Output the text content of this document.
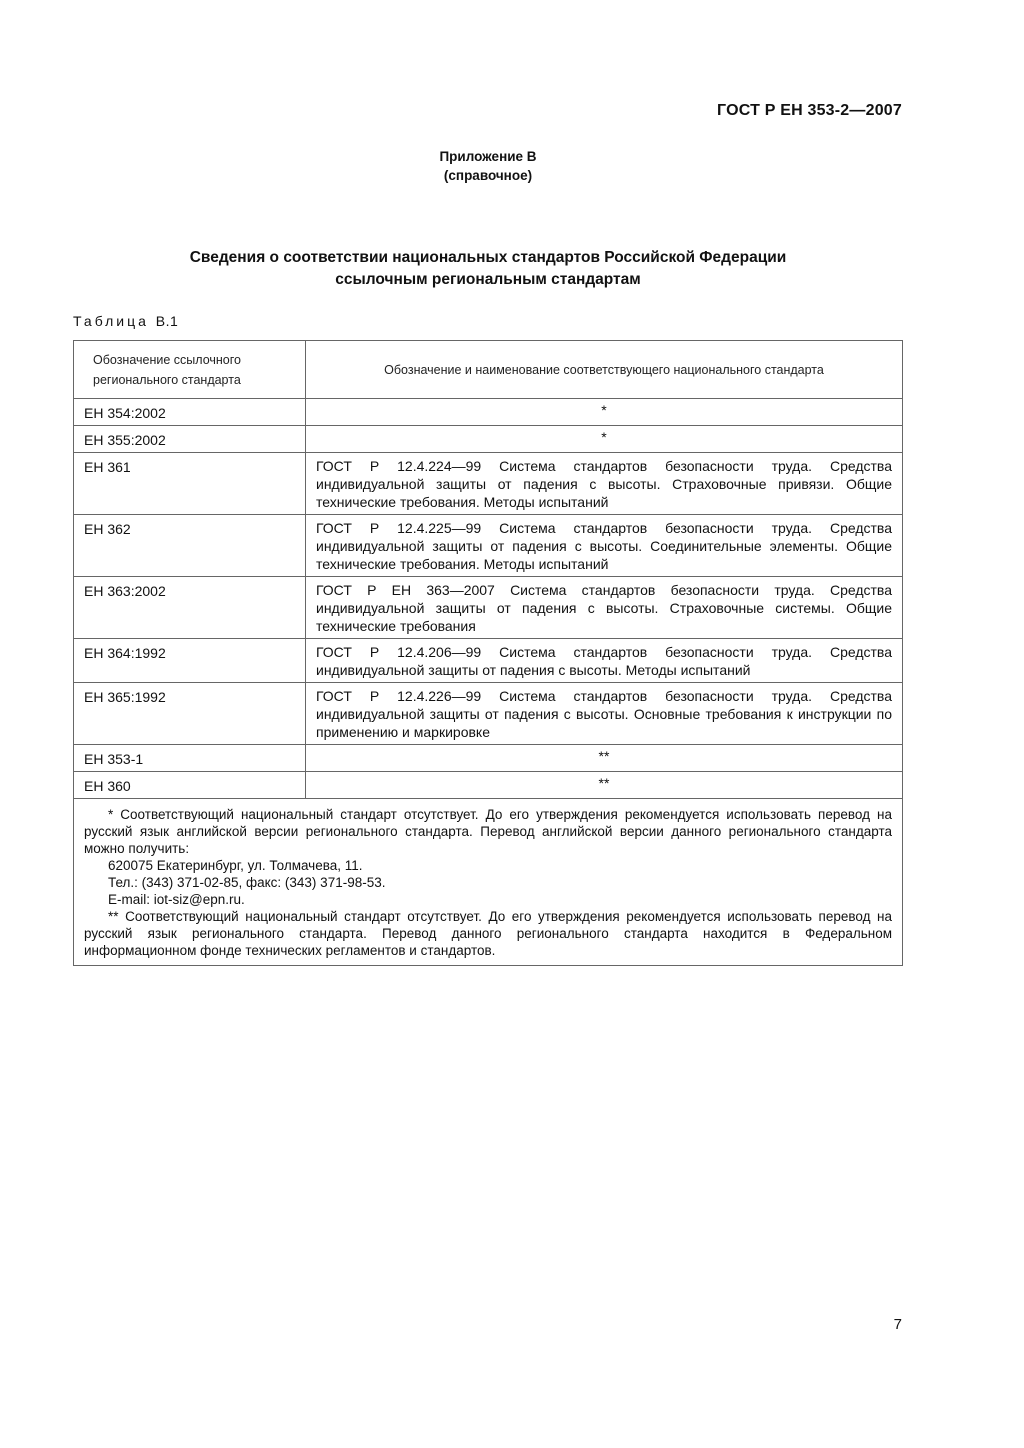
ГОСТ Р ЕН 353-2—2007
Приложение В
(справочное)
Сведения о соответствии национальных стандартов Российской Федерации
ссылочным региональным стандартам
Таблица В.1
Обозначение ссылочного
регионального стандарта	Обозначение и наименование соответствующего национального стандарта
ЕН 354:2002	*
ЕН 355:2002	*
ЕН 361	ГОСТ Р 12.4.224—99 Система стандартов безопасности труда. Средства индивидуальной защиты от падения с высоты. Страховочные привязи. Общие технические требования. Методы испытаний
ЕН 362	ГОСТ Р 12.4.225—99 Система стандартов безопасности труда. Средства индивидуальной защиты от падения с высоты. Соединительные элементы. Общие технические требования. Методы испытаний
ЕН 363:2002	ГОСТ Р ЕН 363—2007 Система стандартов безопасности труда. Средства индивидуальной защиты от падения с высоты. Страховочные системы. Общие технические требования
ЕН 364:1992	ГОСТ Р 12.4.206—99 Система стандартов безопасности труда. Средства индивидуальной защиты от падения с высоты. Методы испытаний
ЕН 365:1992	ГОСТ Р 12.4.226—99 Система стандартов безопасности труда. Средства индивидуальной защиты от падения с высоты. Основные требования к инструкции по применению и маркировке
ЕН 353-1	**
ЕН 360	**

* Соответствующий национальный стандарт отсутствует. До его утверждения рекомендуется использовать перевод на русский язык английской версии регионального стандарта. Перевод английской версии данного регионального стандарта можно получить:

620075 Екатеринбург, ул. Толмачева, 11.

Тел.: (343) 371-02-85, факс: (343) 371-98-53.

E-mail: iot-siz@epn.ru.

** Соответствующий национальный стандарт отсутствует. До его утверждения рекомендуется использовать перевод на русский язык регионального стандарта. Перевод данного регионального стандарта находится в Федеральном информационном фонде технических регламентов и стандартов.	

7
